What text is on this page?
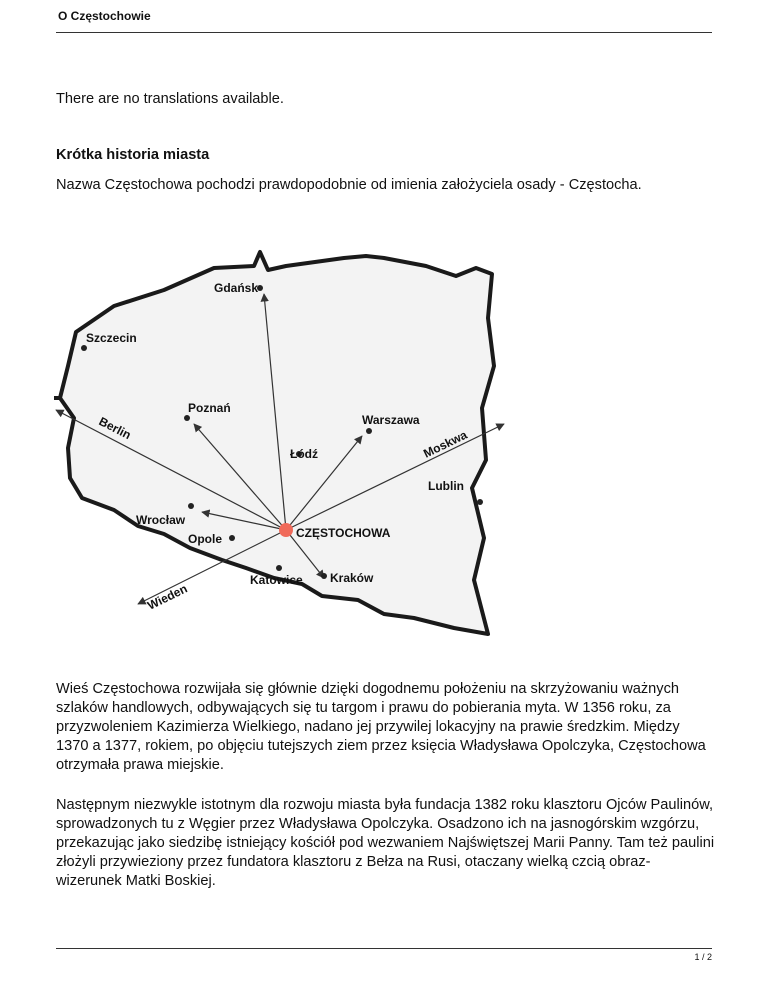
O Częstochowie

There are no translations available.

Krótka historia miasta

Nazwa Częstochowa pochodzi prawdopodobnie od imienia założyciela osady - Częstocha.

Gdańsk
Szczecin
Poznań
Warszawa
Łódź
Lublin
Wrocław
Opole	CZĘSTOCHOWA
Katowice Kraków
Berlin	Moskwa
Wieden

Wieś Częstochowa rozwijała się głównie dzięki dogodnemu położeniu na skrzyżowaniu ważnych szlaków handlowych, odbywających się tu targom i prawu do pobierania myta. W 1356 roku, za przyzwoleniem Kazimierza Wielkiego, nadano jej przywilej lokacyjny na prawie średzkim. Między 1370 a 1377, rokiem, po objęciu tutejszych ziem przez księcia Władysława Opolczyka, Częstochowa otrzymała prawa miejskie.

Następnym niezwykle istotnym dla rozwoju miasta była fundacja 1382 roku klasztoru Ojców Paulinów, sprowadzonych tu z Węgier przez Władysława Opolczyka. Osadzono ich na jasnogórskim wzgórzu, przekazując jako siedzibę istniejący kościół pod wezwaniem Najświętszej Marii Panny. Tam też paulini złożyli przywieziony przez fundatora klasztoru z Bełza na Rusi, otaczany wielką czcią obraz- wizerunek Matki Boskiej.

1 / 2
